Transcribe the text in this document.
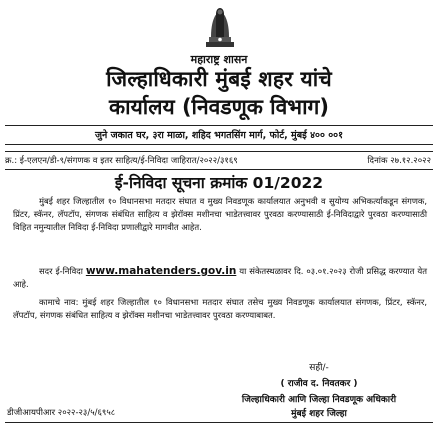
महाराष्ट्र शासन
जिल्हाधिकारी मुंबई शहर यांचे
कार्यालय (निवडणूक विभाग)
जुने जकात घर, ३रा माळा, शहिद भगतसिंग मार्ग, फोर्ट, मुंबई ४०० ००१
क्र.: ई-एलएन/डी-९/संगणक व इतर साहित्य/ई-निविदा जाहिरात/२०२२/३१६९	दिनांक २७.१२.२०२२
ई-निविदा सूचना क्रमांक 01/2022

मुंबई शहर जिल्हातील १० विधानसभा मतदार संघात व मुख्य निवडणूक कार्यालयात अनुभवी व सुयोग्य अभिकर्त्यांकडून संगणक, प्रिंटर, स्कॅनर, लॅपटॉप, संगणक संबंधित साहित्य व झेरॉक्स मशीनचा भाडेतत्त्वावर पुरवठा करण्यासाठी ई-निविदाद्वारे पुरवठा करण्यासाठी विहित नमुन्यातील निविदा ई-निविदा प्रणालीद्वारे मागवीत आहेत.

सदर ई-निविदा www.mahatenders.gov.in या संकेतस्थळावर दि. ०३.०१.२०२३ रोजी प्रसिद्ध करण्यात येत आहे.

कामाचे नाव: मुंबई शहर जिल्हातील १० विधानसभा मतदार संघात तसेच मुख्य निवडणूक कार्यालयात संगणक, प्रिंटर, स्कॅनर, लॅपटॉप, संगणक संबंधित साहित्य व झेरॉक्स मशीनचा भाडेतत्त्वावर पुरवठा करण्याबाबत.

सही/-
( राजीव द. निवतकर )
जिल्हाधिकारी आणि जिल्हा निवडणूक अधिकारी
मुंबई शहर जिल्हा
डीजीआयपीआर २०२२-२३/५/६९५८
